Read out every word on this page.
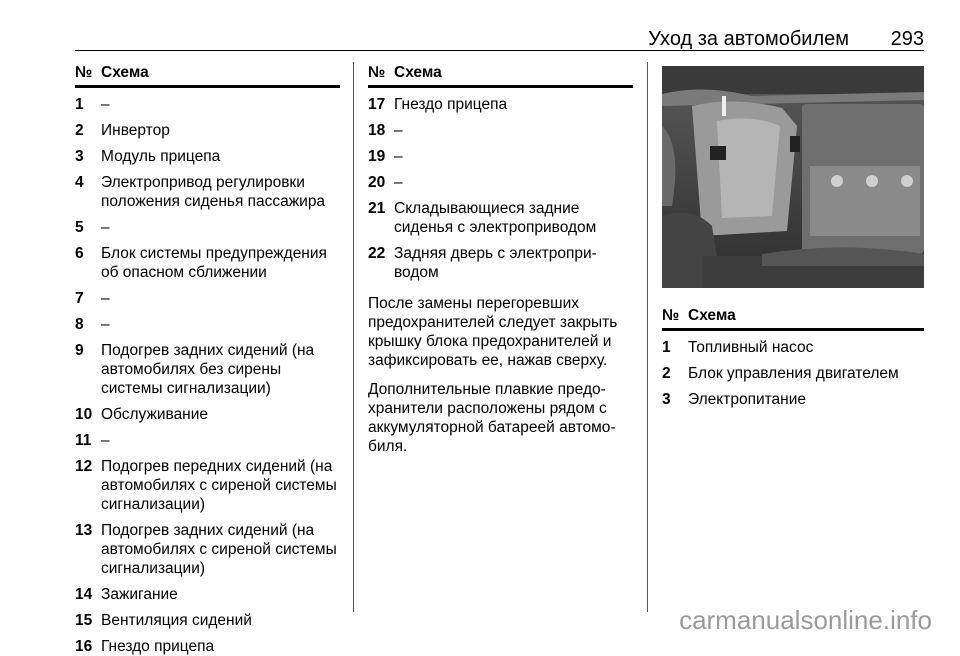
Уход за автомобилем 293
№ Схема
1	–
2	Инвертор
3	Модуль прицепа
4	Электропривод регулировки положения сиденья пассажира
5	–
6	Блок системы предупреждения об опасном сближении
7	–
8	–
9	Подогрев задних сидений (на автомобилях без сирены системы сигнализации)
10 Обслуживание
11 –
12 Подогрев передних сидений (на автомобилях с сиреной системы сигнализации)
13 Подогрев задних сидений (на автомобилях с сиреной системы сигнализации)
14 Зажигание
15 Вентиляция сидений
16 Гнездо прицепа
№ Схема
17 Гнездо прицепа
18 –
19 –
20 –
21 Складывающиеся задние сиденья с электроприводом
22 Задняя дверь с электроприводом
После замены перегоревших предохранителей следует закрыть крышку блока предохранителей и зафиксировать ее, нажав сверху.
Дополнительные плавкие предохранители расположены рядом с аккумуляторной батареей автомобиля.
№ Схема
1	Топливный насос
2	Блок управления двигателем
3	Электропитание
carmanualsonline.info
